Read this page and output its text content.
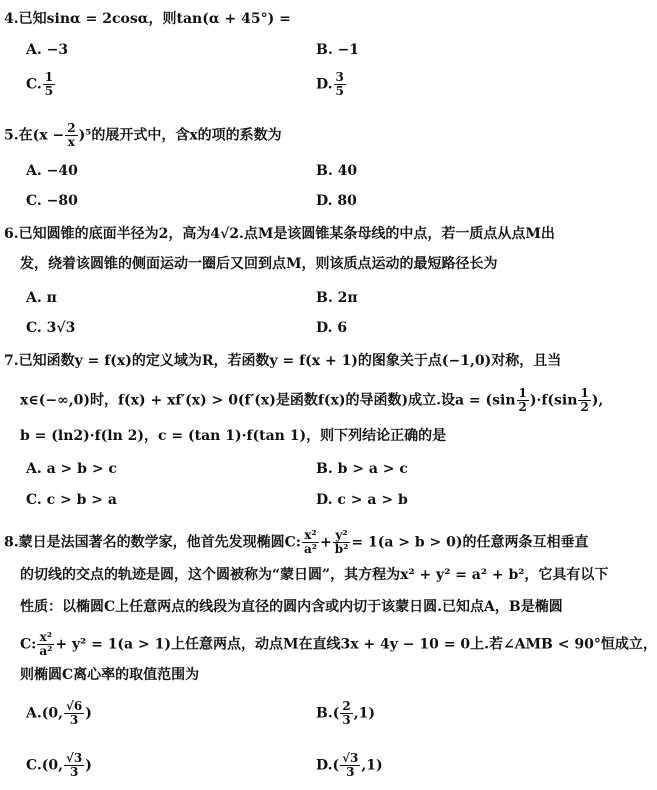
4.已知sinα = 2cosα，则tan(α + 45°) =
A. −3	B. −1
C. $\frac{1}{5}$	D. $\frac{3}{5}$
5.在$(x - \frac{2}{x} )^5$的展开式中，含x的项的系数为
A. −40	B. 40
C. −80	D. 80
6.已知圆锥的底面半径为2，高为4√2.点M是该圆锥某条母线的中点，若一质点从点M出
发，绕着该圆锥的侧面运动一圈后又回到点M，则该质点运动的最短路径长为
A. π	B. 2π
C. 3√3	D. 6
7.已知函数y = f(x)的定义域为R，若函数y = f(x + 1)的图象关于点(−1,0)对称，且当
x∈(−∞,0)时，f(x) + xf′(x) > 0(f′(x)是函数f(x)的导函数)成立.设$a = (\sin \frac{1}{2} )\cdot f(\sin \frac{1}{2}$ ),
b = (ln2)·f(ln 2)，c = (tan 1)·f(tan 1)，则下列结论正确的是
A. a > b > c	B. b > a > c
C. c > b > a	D. c > a > b
8.蒙日是法国著名的数学家，他首先发现椭圆C: $\frac{\text{x²}}{\text{a²}} + \frac{\text{y²}}{\text{b²}} = 1(a > b > 0)$的任意两条互相垂直
的切线的交点的轨迹是圆，这个圆被称为“蒙日圆”，其方程为x² + y² = a² + b²，它具有以下
性质：以椭圆C上任意两点的线段为直径的圆内含或内切于该蒙日圆.已知点A，B是椭圆
C: $\frac{\text{x²}}{\text{a²}} + y^2 = 1(a > 1)$上任意两点，动点M在直线3x + 4y − 10 = 0上.若∠AMB < 90°恒成立，
则椭圆C离心率的取值范围为
A.(0, $\frac{√6}{3}$ )	$B.( \frac{2}{3} ,1)$
C.(0, $\frac{√3}{3}$ )	$D.( \frac{√3}{3} ,1)$
